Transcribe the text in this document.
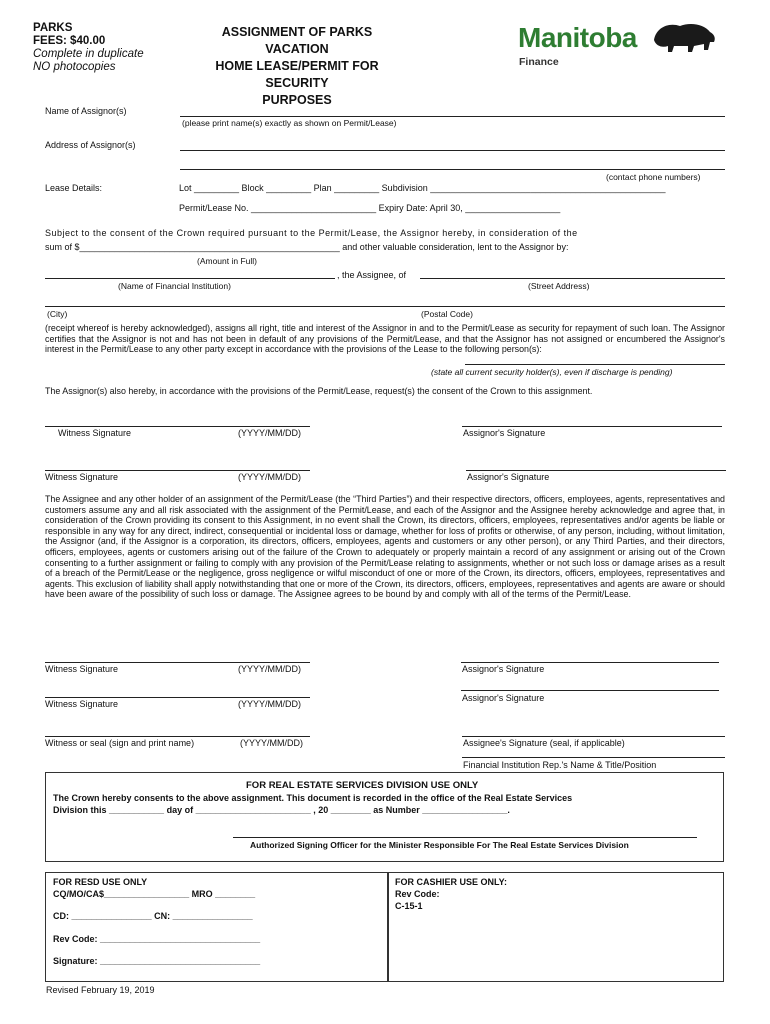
PARKS
FEES: $40.00
Complete in duplicate
NO photocopies
ASSIGNMENT OF PARKS VACATION
HOME LEASE/PERMIT FOR SECURITY
PURPOSES
Manitoba
Finance
Name of Assignor(s)
(please print name(s) exactly as shown on Permit/Lease)
Address of Assignor(s)
(contact phone numbers)
Lease Details:	Lot _________ Block _________ Plan _________ Subdivision _______________________________________________
Permit/Lease No. _________________________ Expiry Date: April 30, ___________________
Subject to the consent of the Crown required pursuant to the Permit/Lease, the Assignor hereby, in consideration of the
sum of $____________________________________________________ and other valuable consideration, lent to the Assignor by:
(Amount in Full)
, the Assignee, of
(Name of Financial Institution)	(Street Address)
(City)	(Postal Code)
(receipt whereof is hereby acknowledged), assigns all right, title and interest of the Assignor in and to the Permit/Lease as security for repayment of such loan. The Assignor certifies that the Assignor is not and has not been in default of any provisions of the Permit/Lease, and that the Assignor has not assigned or encumbered the Assignor's interest in the Permit/Lease to any other party except in accordance with the provisions of the Lease to the following person(s):
(state all current security holder(s), even if discharge is pending)
The Assignor(s) also hereby, in accordance with the provisions of the Permit/Lease, request(s) the consent of the Crown to this assignment.
Witness Signature	(YYYY/MM/DD)	Assignor's Signature
Witness Signature	(YYYY/MM/DD)	Assignor's Signature
The Assignee and any other holder of an assignment of the Permit/Lease (the “Third Parties”) and their respective directors, officers, employees, agents, representatives and customers assume any and all risk associated with the assignment of the Permit/Lease, and each of the Assignor and the Assignee hereby acknowledge and agree that, in consideration of the Crown providing its consent to this Assignment, in no event shall the Crown, its directors, officers, employees, representatives and/or agents be liable or responsible in any way for any direct, indirect, consequential or incidental loss or damage, whether for loss of profits or otherwise, of any person, including, without limitation, the Assignor (and, if the Assignor is a corporation, its directors, officers, employees, agents and customers or any other person), or any Third Parties, and their directors, officers, employees, agents or customers arising out of the failure of the Crown to adequately or properly maintain a record of any assignment or arising out of the Crown consenting to a further assignment or failing to comply with any provision of the Permit/Lease relating to assignments, whether or not such loss or damage arises as a result of a breach of the Permit/Lease or the negligence, gross negligence or wilful misconduct of one or more of the Crown, its directors, officers, employees, representatives and agents. This exclusion of liability shall apply notwithstanding that one or more of the Crown, its directors, officers, employees, representatives and agents are aware or should have been aware of the possibility of such loss or damage. The Assignee agrees to be bound by and comply with all of the terms of the Permit/Lease.
Witness Signature	(YYYY/MM/DD)	Assignor's Signature
Witness Signature	(YYYY/MM/DD)
Assignor's Signature
Witness or seal (sign and print name)	(YYYY/MM/DD)	Assignee's Signature (seal, if applicable)
Financial Institution Rep.'s Name & Title/Position
FOR REAL ESTATE SERVICES DIVISION USE ONLY
The Crown hereby consents to the above assignment. This document is recorded in the office of the Real Estate Services
Division this ___________ day of _______________________ , 20 ________ as Number _________________.
Authorized Signing Officer for the Minister Responsible For The Real Estate Services Division
FOR RESD USE ONLY
CQ/MO/CA$_________________ MRO ________
CD: ________________ CN: ________________
Rev Code: ________________________________
Signature: ________________________________
FOR CASHIER USE ONLY:
Rev Code:
C-15-1
Revised February 19, 2019
